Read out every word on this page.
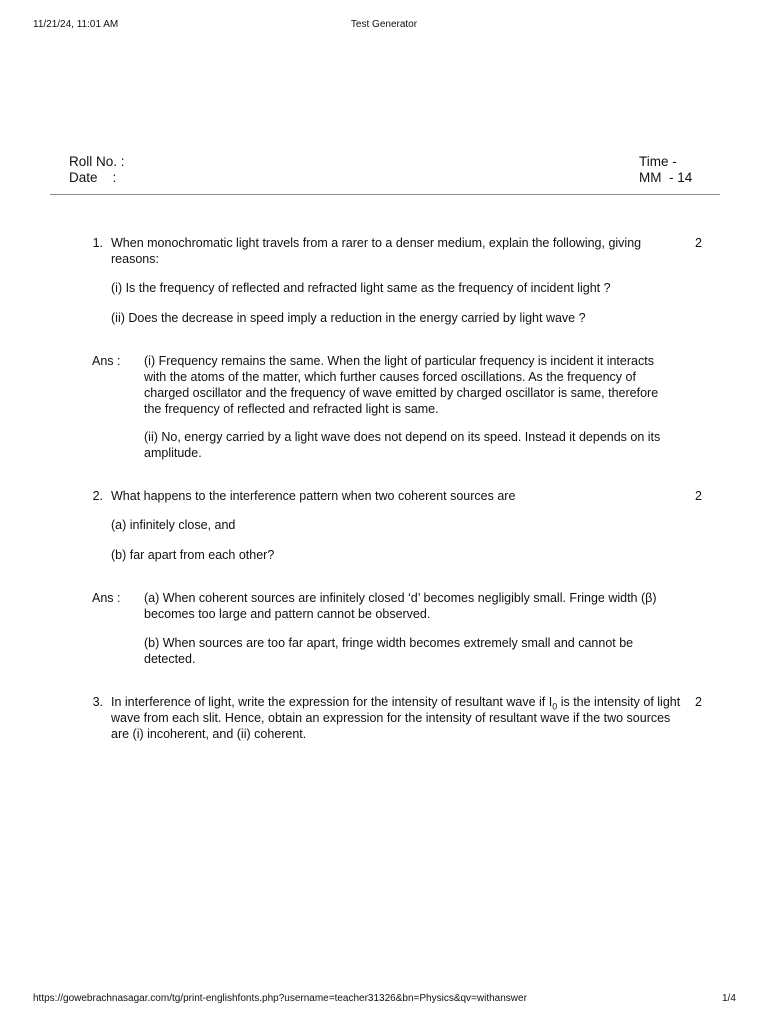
11/21/24, 11:01 AM	Test Generator
Roll No. :
Date    :
Time -
MM  - 14
1. When monochromatic light travels from a rarer to a denser medium, explain the following, giving reasons:
2
(i) Is the frequency of reflected and refracted light same as the frequency of incident light ?
(ii) Does the decrease in speed imply a reduction in the energy carried by light wave ?
Ans : (i) Frequency remains the same. When the light of particular frequency is incident it interacts with the atoms of the matter, which further causes forced oscillations. As the frequency of charged oscillator and the frequency of wave emitted by charged oscillator is same, therefore the frequency of reflected and refracted light is same.
(ii) No, energy carried by a light wave does not depend on its speed. Instead it depends on its amplitude.
2. What happens to the interference pattern when two coherent sources are	2
(a) infinitely close, and
(b) far apart from each other?
Ans : (a) When coherent sources are infinitely closed ‘d’ becomes negligibly small. Fringe width (β) becomes too large and pattern cannot be observed.
(b) When sources are too far apart, fringe width becomes extremely small and cannot be detected.
3. In interference of light, write the expression for the intensity of resultant wave if $I_0$ is the intensity of light wave from each slit. Hence, obtain an expression for the intensity of resultant wave if the two sources are (i) incoherent, and (ii) coherent.
2
https://gowebrachnasagar.com/tg/print-englishfonts.php?username=teacher31326&bn=Physics&qv=withanswer	1/4
